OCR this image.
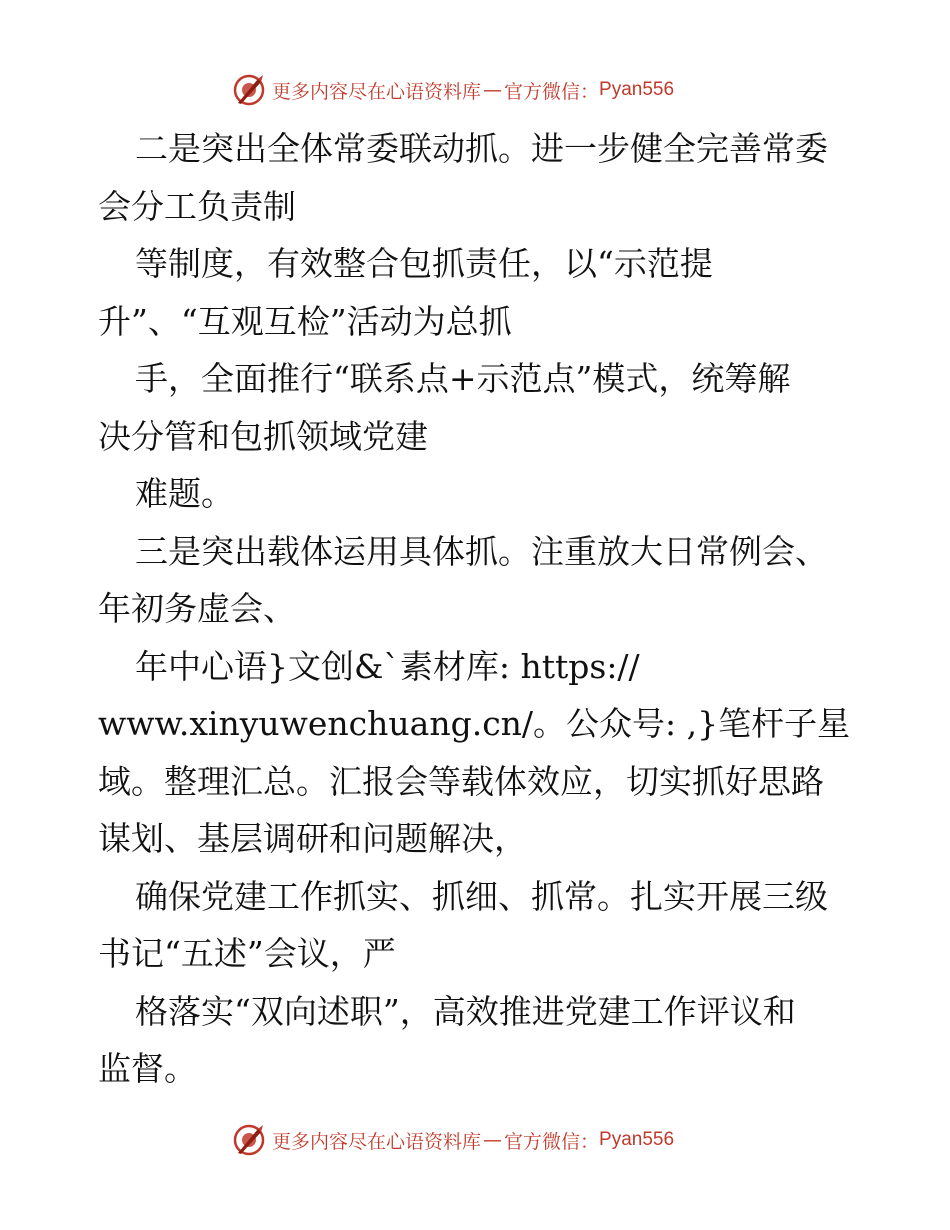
更多内容尽在心语资料库 — 官方微信： Pyan556
二是突出全体常委联动抓。进一步健全完善常委
会分工负责制
等制度，有效整合包抓责任，以“示范提
升”、“互观互检”活动为总抓
手，全面推行“联系点+示范点”模式，统筹解
决分管和包抓领域党建
难题。
三是突出载体运用具体抓。注重放大日常例会、
年初务虚会、
年中心语}文创&`素材库: https://
www.xinyuwenchuang.cn/。公众号: ,}笔杆子星
域。整理汇总。汇报会等载体效应，切实抓好思路
谋划、基层调研和问题解决，
确保党建工作抓实、抓细、抓常。扎实开展三级
书记“五述”会议，严
格落实“双向述职”，高效推进党建工作评议和
监督。
更多内容尽在心语资料库 — 官方微信： Pyan556
